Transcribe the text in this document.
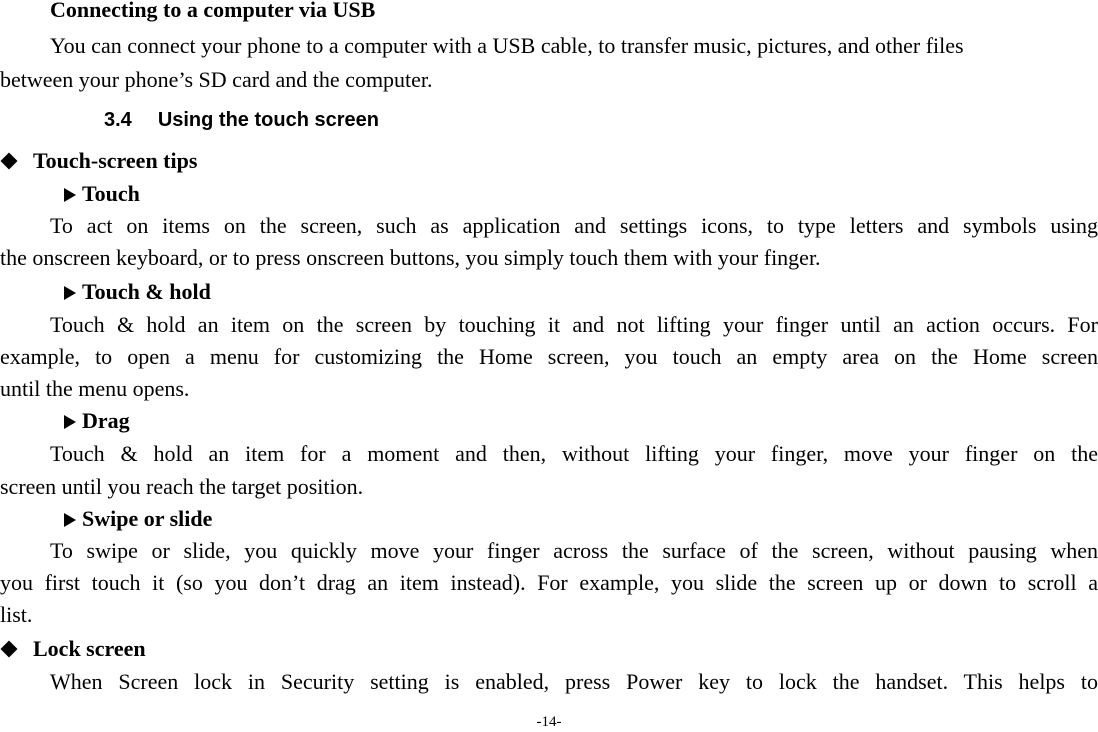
Connecting to a computer via USB
You can connect your phone to a computer with a USB cable, to transfer music, pictures, and other files
between your phone’s SD card and the computer.
3.4 Using the touch screen
Touch-screen tips
Touch
To act on items on the screen, such as application and settings icons, to type letters and symbols using
the onscreen keyboard, or to press onscreen buttons, you simply touch them with your finger.
Touch & hold
Touch & hold an item on the screen by touching it and not lifting your finger until an action occurs. For
example, to open a menu for customizing the Home screen, you touch an empty area on the Home screen
until the menu opens.
Drag
Touch & hold an item for a moment and then, without lifting your finger, move your finger on the
screen until you reach the target position.
Swipe or slide
To swipe or slide, you quickly move your finger across the surface of the screen, without pausing when
you first touch it (so you don’t drag an item instead). For example, you slide the screen up or down to scroll a
list.
Lock screen
When Screen lock in Security setting is enabled, press Power key to lock the handset. This helps to
-14-
